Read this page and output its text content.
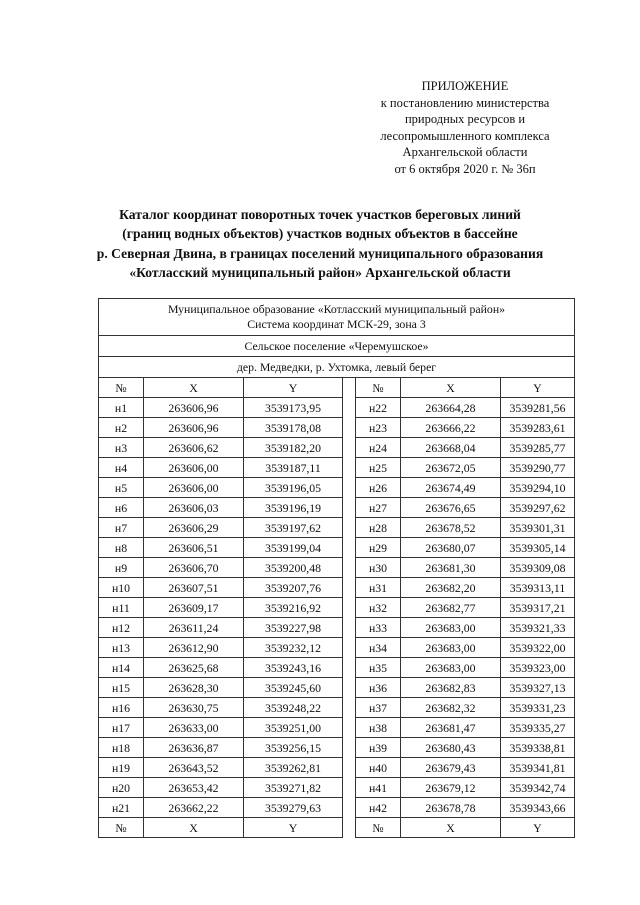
ПРИЛОЖЕНИЕ
к постановлению министерства
природных ресурсов и
лесопромышленного комплекса
Архангельской области
от 6 октября 2020 г. № 36п
Каталог координат поворотных точек участков береговых линий
(границ водных объектов) участков водных объектов в бассейне
р. Северная Двина, в границах поселений муниципального образования
«Котласский муниципальный район» Архангельской области
Муниципальное образование «Котласский муниципальный район»
Система координат МСК-29, зона 3						

Сельское поселение «Черемушское»						
дер. Медведки, р. Ухтомка, левый берег						
№	X	Y		№	X	Y
н1	263606,96	3539173,95		н22	263664,28	3539281,56
н2	263606,96	3539178,08		н23	263666,22	3539283,61
н3	263606,62	3539182,20		н24	263668,04	3539285,77
н4	263606,00	3539187,11		н25	263672,05	3539290,77
н5	263606,00	3539196,05		н26	263674,49	3539294,10
н6	263606,03	3539196,19		н27	263676,65	3539297,62
н7	263606,29	3539197,62		н28	263678,52	3539301,31
н8	263606,51	3539199,04		н29	263680,07	3539305,14
н9	263606,70	3539200,48		н30	263681,30	3539309,08
н10	263607,51	3539207,76		н31	263682,20	3539313,11
н11	263609,17	3539216,92		н32	263682,77	3539317,21
н12	263611,24	3539227,98		н33	263683,00	3539321,33
н13	263612,90	3539232,12		н34	263683,00	3539322,00
н14	263625,68	3539243,16		н35	263683,00	3539323,00
н15	263628,30	3539245,60		н36	263682,83	3539327,13
н16	263630,75	3539248,22		н37	263682,32	3539331,23
н17	263633,00	3539251,00		н38	263681,47	3539335,27
н18	263636,87	3539256,15		н39	263680,43	3539338,81
н19	263643,52	3539262,81		н40	263679,43	3539341,81
н20	263653,42	3539271,82		н41	263679,12	3539342,74
н21	263662,22	3539279,63		н42	263678,78	3539343,66
№	X	Y		№	X	Y
